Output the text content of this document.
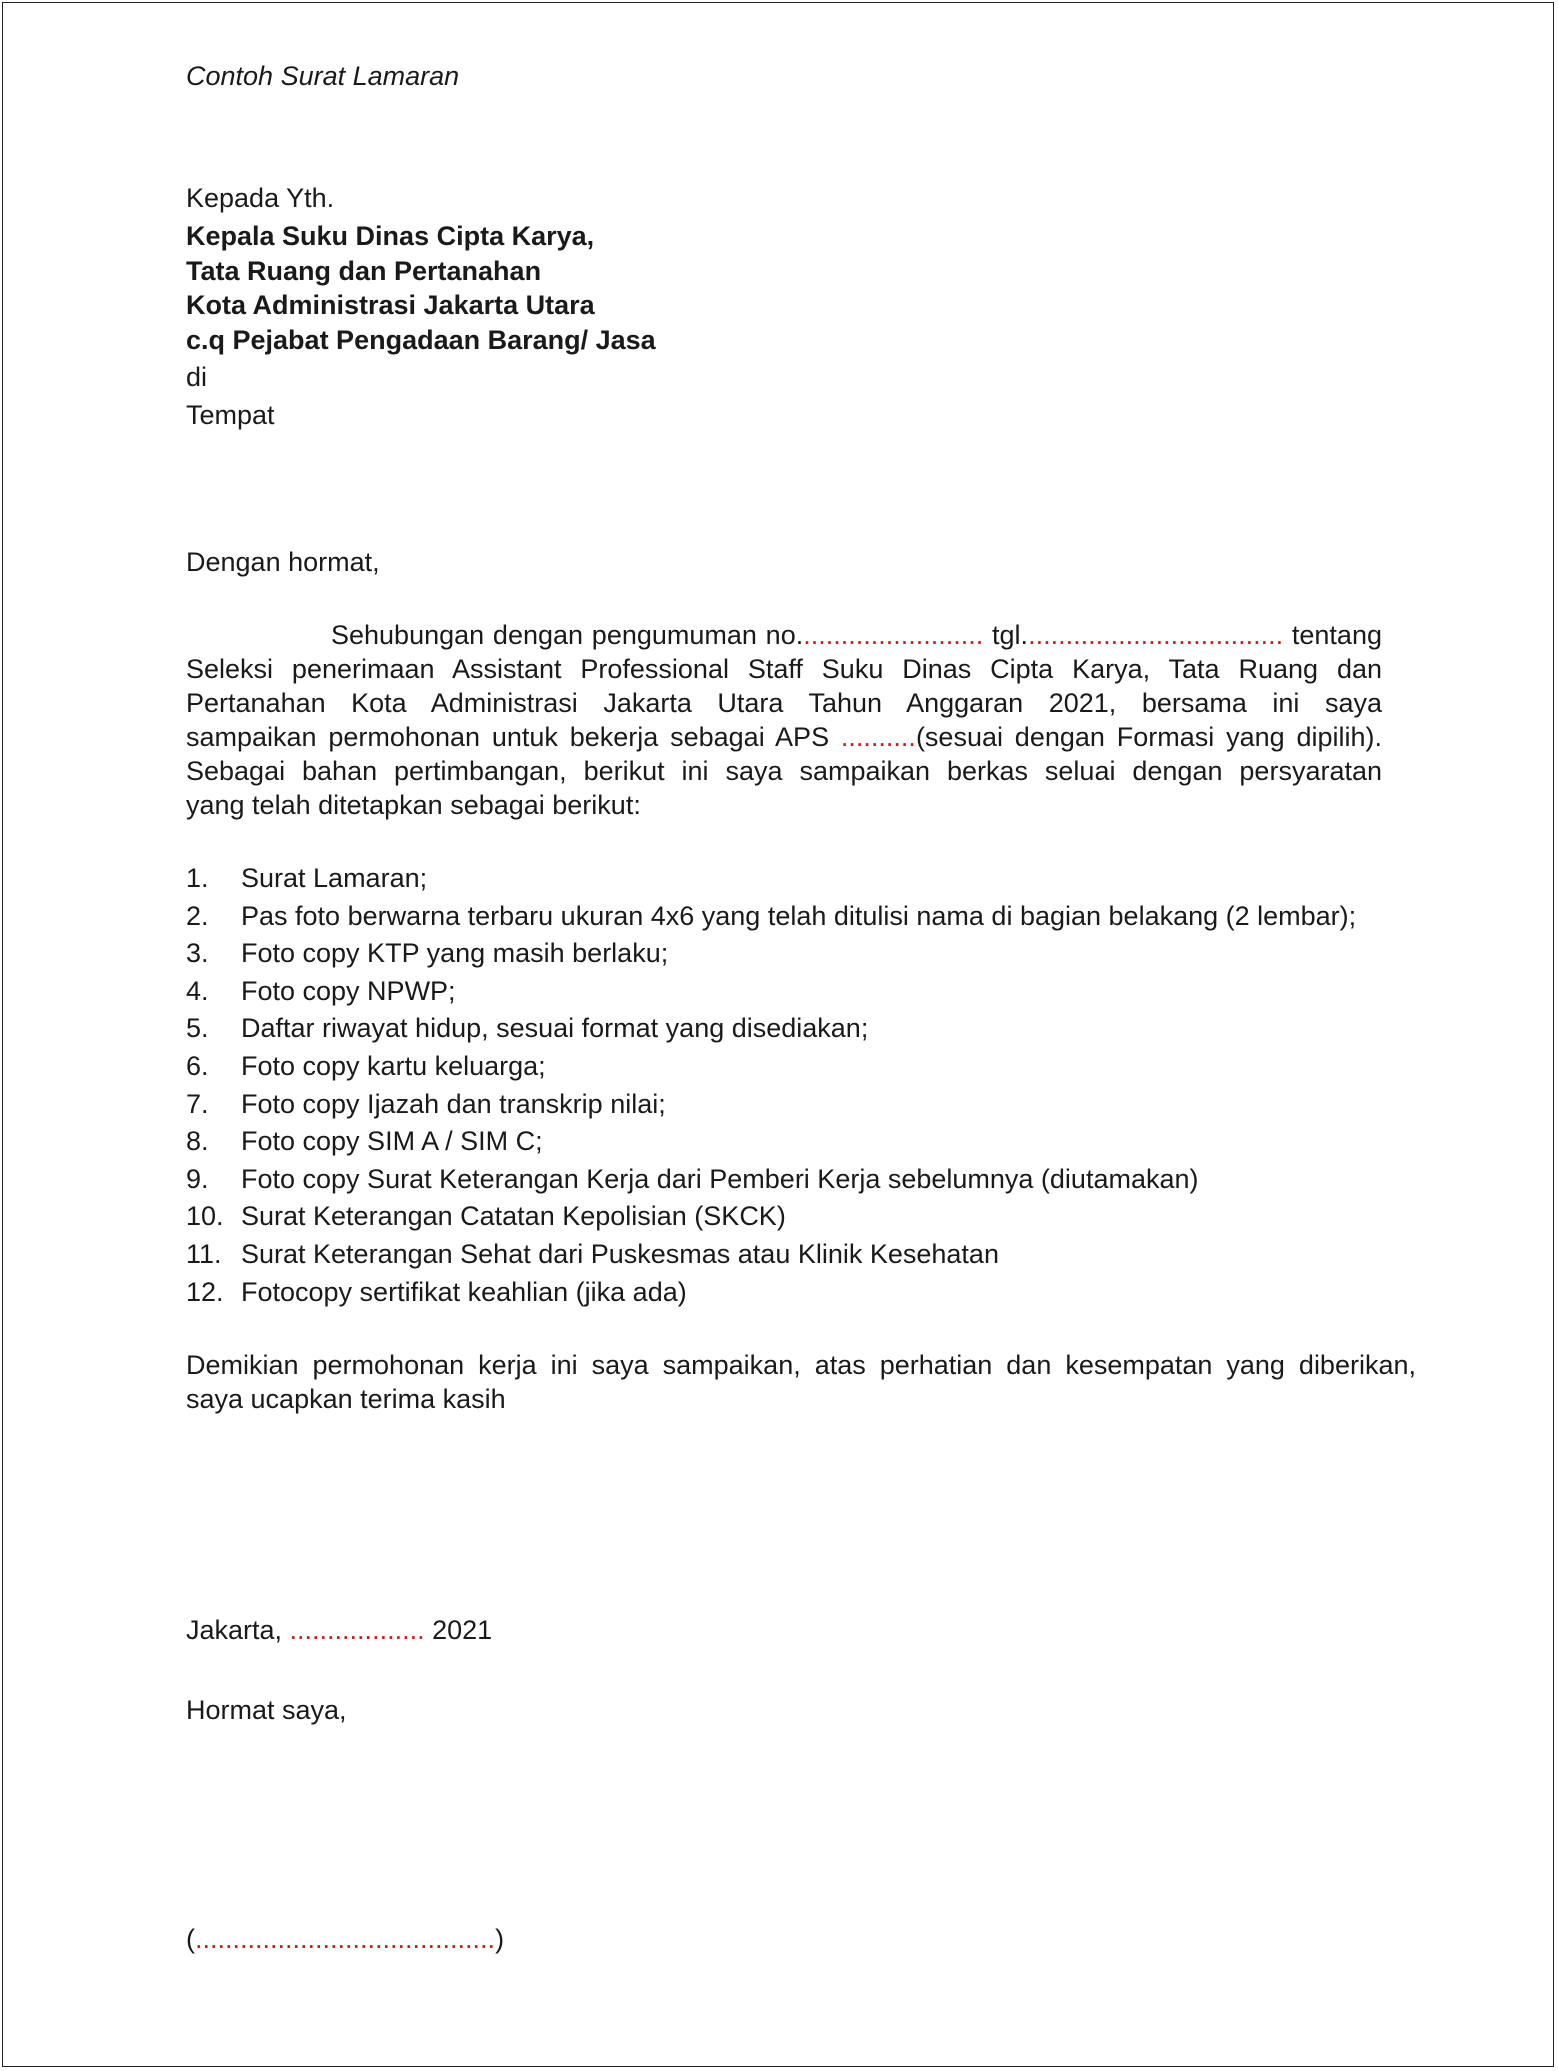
Contoh Surat Lamaran
Kepada Yth.
Kepala Suku Dinas Cipta Karya,
Tata Ruang dan Pertanahan
Kota Administrasi Jakarta Utara
c.q Pejabat Pengadaan Barang/ Jasa
di
Tempat
Dengan hormat,
Sehubungan dengan pengumuman no......................... tgl................................... tentang
Seleksi penerimaan Assistant Professional Staff Suku Dinas Cipta Karya, Tata Ruang dan
Pertanahan Kota Administrasi Jakarta Utara Tahun Anggaran 2021, bersama ini saya
sampaikan permohonan untuk bekerja sebagai APS ..........(sesuai dengan Formasi yang dipilih).
Sebagai bahan pertimbangan, berikut ini saya sampaikan berkas seluai dengan persyaratan
yang telah ditetapkan sebagai berikut:
1. Surat Lamaran;
2. Pas foto berwarna terbaru ukuran 4x6 yang telah ditulisi nama di bagian belakang (2 lembar);
3. Foto copy KTP yang masih berlaku;
4. Foto copy NPWP;
5. Daftar riwayat hidup, sesuai format yang disediakan;
6. Foto copy kartu keluarga;
7. Foto copy Ijazah dan transkrip nilai;
8. Foto copy SIM A / SIM C;
9. Foto copy Surat Keterangan Kerja dari Pemberi Kerja sebelumnya (diutamakan)
10. Surat Keterangan Catatan Kepolisian (SKCK)
11. Surat Keterangan Sehat dari Puskesmas atau Klinik Kesehatan
12. Fotocopy sertifikat keahlian (jika ada)
Demikian permohonan kerja ini saya sampaikan, atas perhatian dan kesempatan yang diberikan,
saya ucapkan terima kasih
Jakarta, .................. 2021
Hormat saya,
(........................................)
